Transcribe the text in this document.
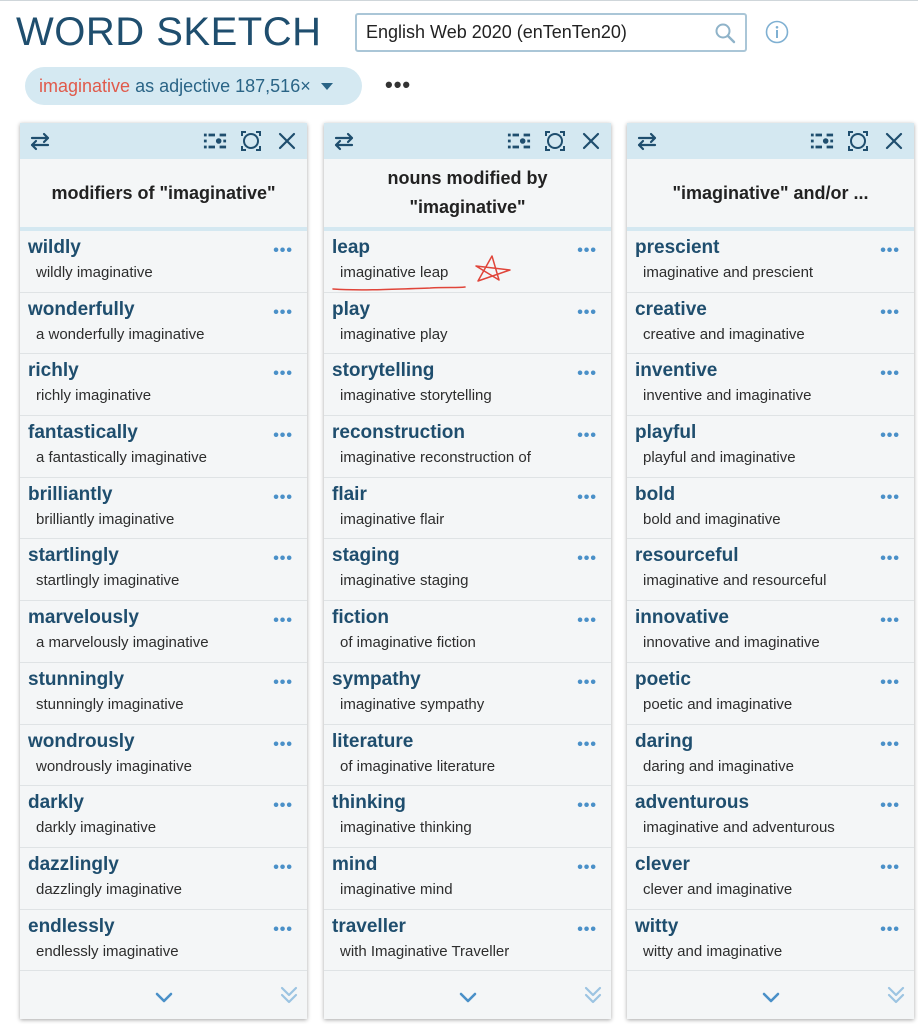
WORD SKETCH	English Web 2020 (enTenTen20)
imaginative
as adjective
187,516×	•••
modifiers of "imaginative"
wildly
wildly imaginative
•••
wonderfully
a wonderfully imaginative
•••
richly
richly imaginative
•••
fantastically
a fantastically imaginative
•••
brilliantly
brilliantly imaginative
•••
startlingly
startlingly imaginative
•••
marvelously
a marvelously imaginative
•••
stunningly
stunningly imaginative
•••
wondrously
wondrously imaginative
•••
darkly
darkly imaginative
•••
dazzlingly
dazzlingly imaginative
•••
endlessly
endlessly imaginative
•••
nouns modified by "imaginative"
leap
imaginative leap
•••
play
imaginative play
•••
storytelling
imaginative storytelling
•••
reconstruction
imaginative reconstruction of
•••
flair
imaginative flair
•••
staging
imaginative staging
•••
fiction
of imaginative fiction
•••
sympathy
imaginative sympathy
•••
literature
of imaginative literature
•••
thinking
imaginative thinking
•••
mind
imaginative mind
•••
traveller
with Imaginative Traveller
•••
"imaginative" and/or ...
prescient
imaginative and prescient
•••
creative
creative and imaginative
•••
inventive
inventive and imaginative
•••
playful
playful and imaginative
•••
bold
bold and imaginative
•••
resourceful
imaginative and resourceful
•••
innovative
innovative and imaginative
•••
poetic
poetic and imaginative
•••
daring
daring and imaginative
•••
adventurous
imaginative and adventurous
•••
clever
clever and imaginative
•••
witty
witty and imaginative
•••
